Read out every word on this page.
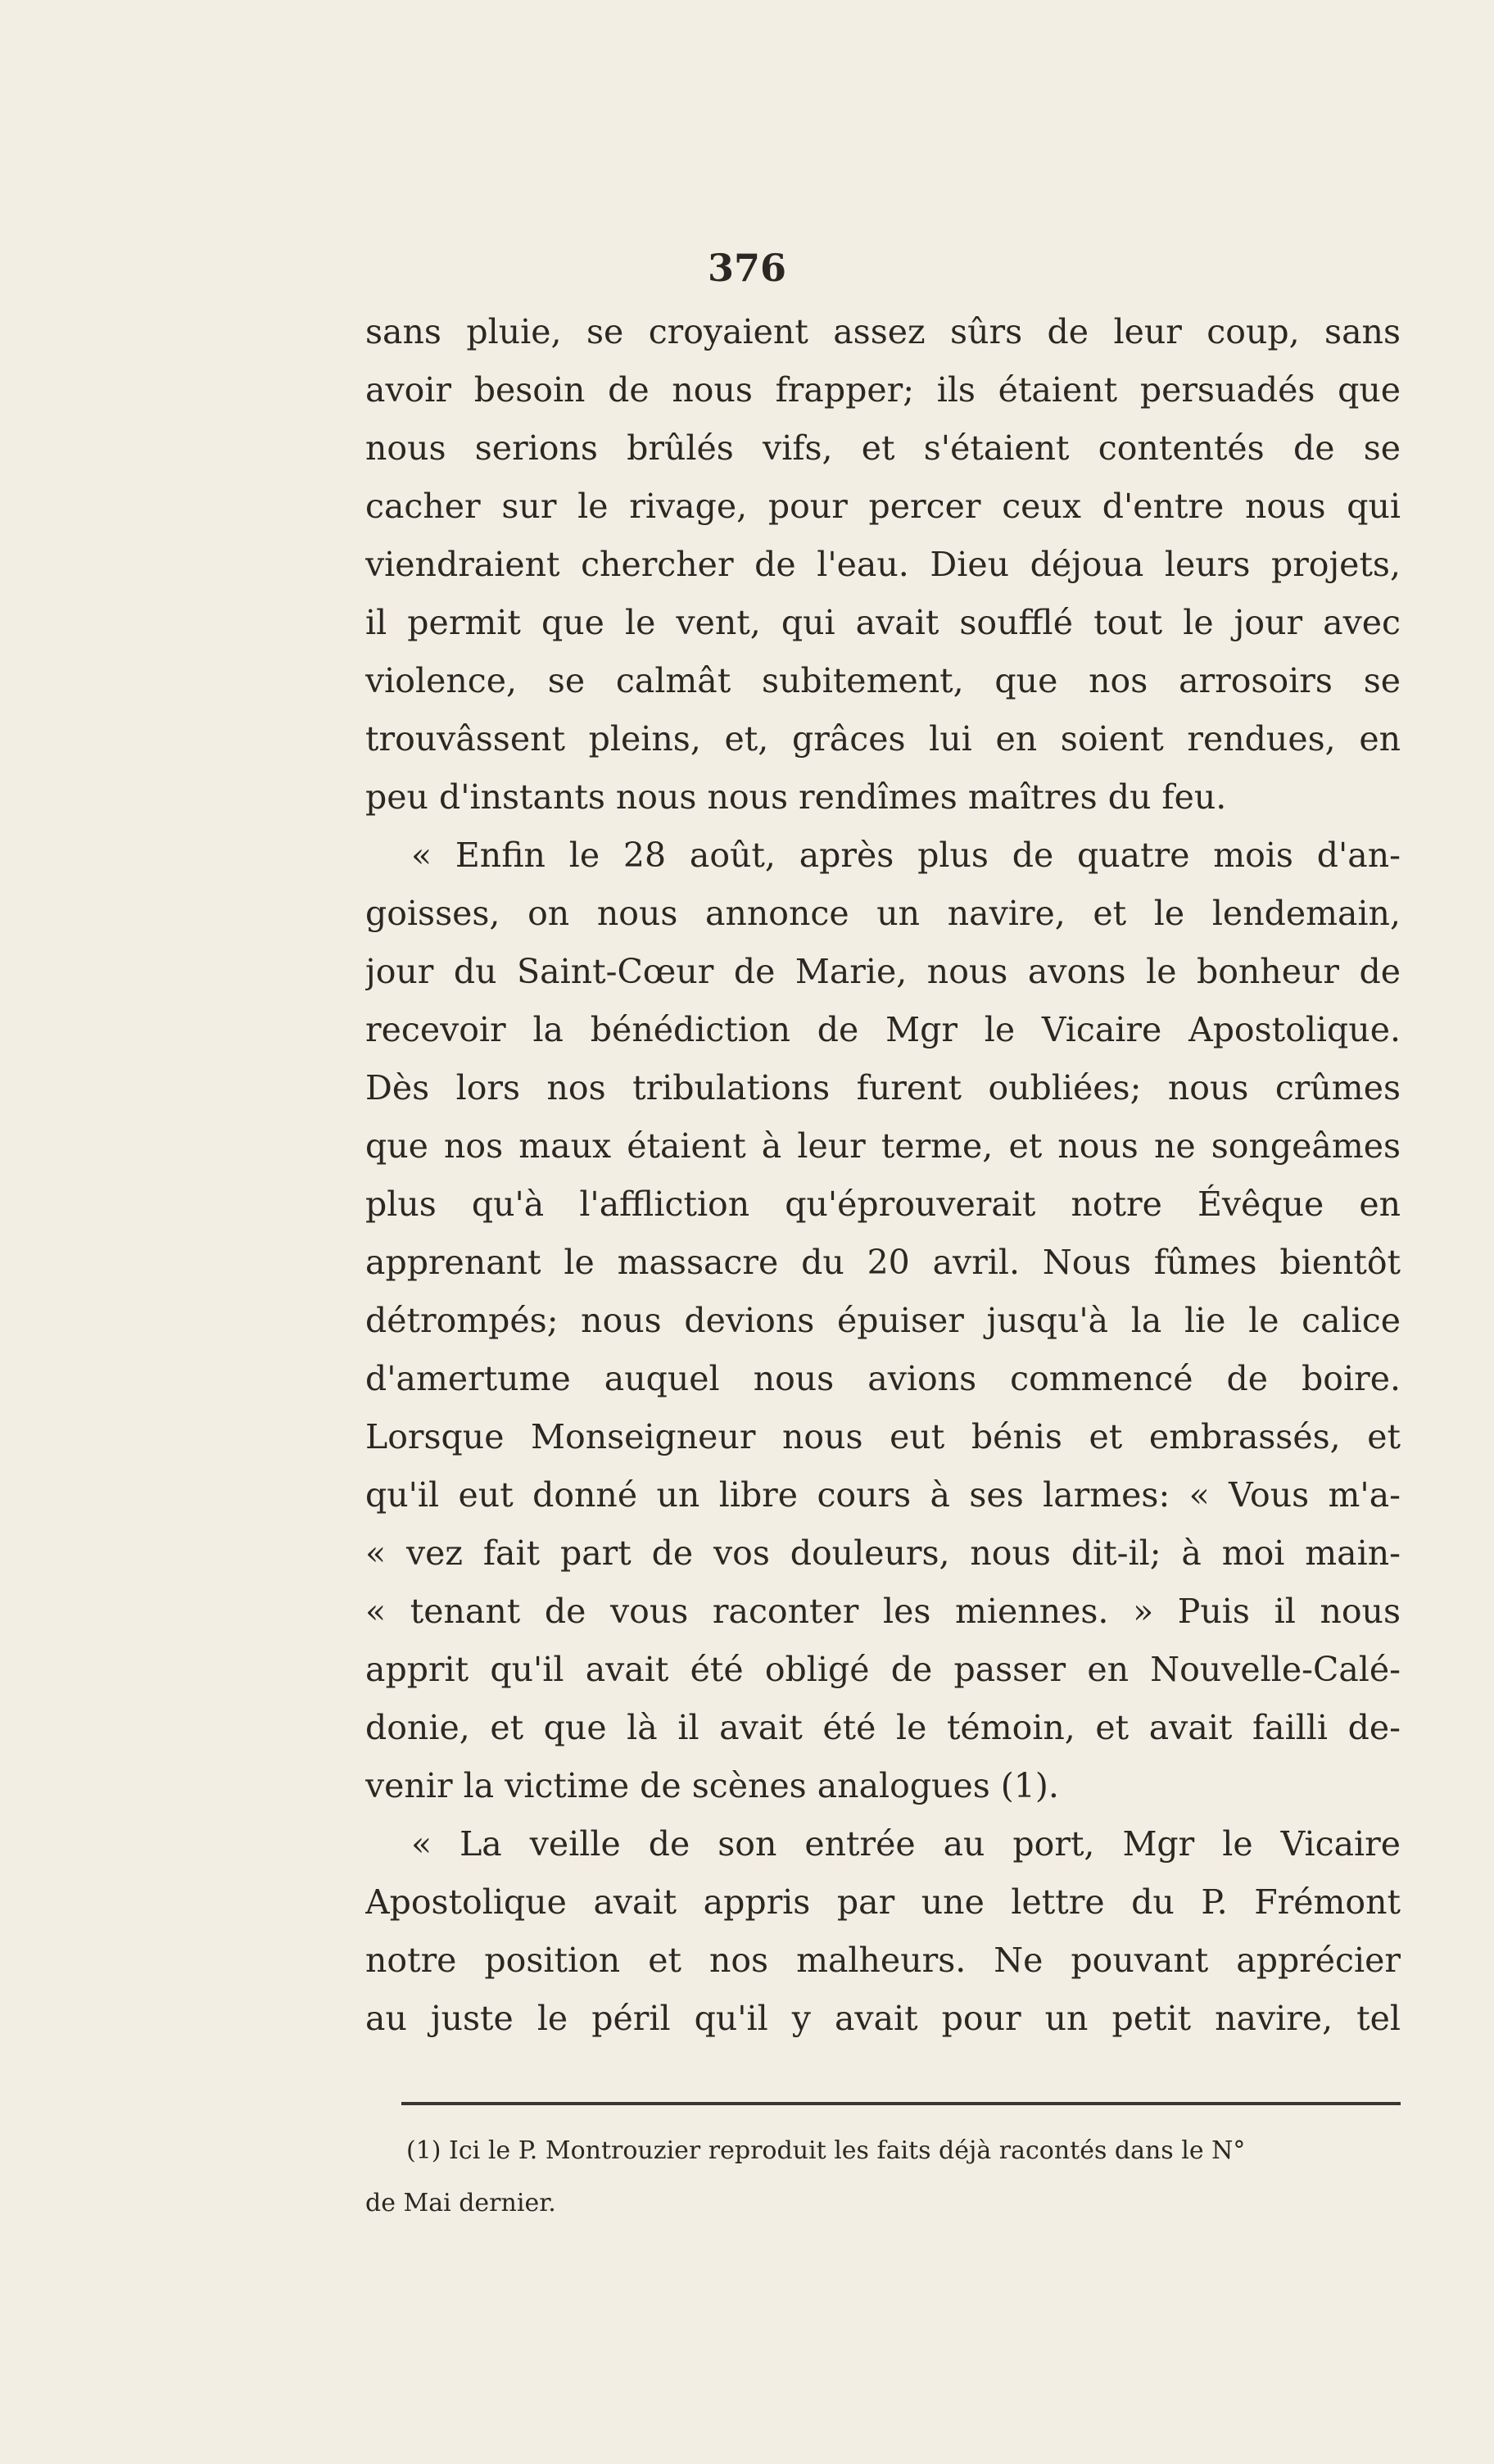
376
sans pluie, se croyaient assez sûrs de leur coup, sans
avoir besoin de nous frapper; ils étaient persuadés que
nous serions brûlés vifs, et s'étaient contentés de se
cacher sur le rivage, pour percer ceux d'entre nous qui
viendraient chercher de l'eau. Dieu déjoua leurs projets,
il permit que le vent, qui avait soufflé tout le jour avec
violence, se calmât subitement, que nos arrosoirs se
trouvâssent pleins, et, grâces lui en soient rendues, en
peu d'instants nous nous rendîmes maîtres du feu.
« Enfin le 28 août, après plus de quatre mois d'an-
goisses, on nous annonce un navire, et le lendemain,
jour du Saint-Cœur de Marie, nous avons le bonheur de
recevoir la bénédiction de Mgr le Vicaire Apostolique.
Dès lors nos tribulations furent oubliées; nous crûmes
que nos maux étaient à leur terme, et nous ne songeâmes
plus qu'à l'affliction qu'éprouverait notre Évêque en
apprenant le massacre du 20 avril. Nous fûmes bientôt
détrompés; nous devions épuiser jusqu'à la lie le calice
d'amertume auquel nous avions commencé de boire.
Lorsque Monseigneur nous eut bénis et embrassés, et
qu'il eut donné un libre cours à ses larmes: « Vous m'a-
« vez fait part de vos douleurs, nous dit-il; à moi main-
« tenant de vous raconter les miennes. » Puis il nous
apprit qu'il avait été obligé de passer en Nouvelle-Calé-
donie, et que là il avait été le témoin, et avait failli de-
venir la victime de scènes analogues (1).
« La veille de son entrée au port, Mgr le Vicaire
Apostolique avait appris par une lettre du P. Frémont
notre position et nos malheurs. Ne pouvant apprécier
au juste le péril qu'il y avait pour un petit navire, tel
(1) Ici le P. Montrouzier reproduit les faits déjà racontés dans le N°
de Mai dernier.
